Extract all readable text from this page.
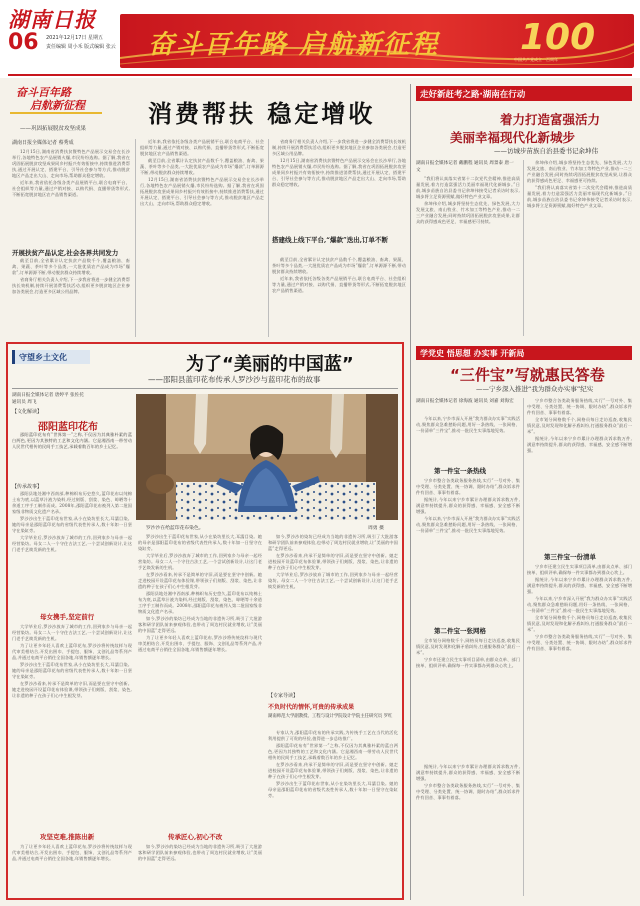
湖南日报
06 2021年12月17日 星期五
责任编辑 周小禾 版式编辑 张云 奋斗百年路 启航新征程 100
中国共产党成立一百周年
奋斗百年路
启航新征程
——巩固拓展脱贫攻坚成果
消费帮扶 稳定增收
湖南日报全媒体记者 蔡秀成

12月15日,湖南省消费扶贫暨特色产品展示交易会在长沙举行,各地特色农产品展销火爆,市民纷纷选购。据了解,我省在巩固拓展脱贫攻坚成果同乡村振兴有效衔接中,持续推进消费帮扶,通过开展认定、搭建平台、引导社会参与等方式,推动脱贫地区产品走出大山、走向市场,帮助群众稳定增收。

近年来,我省依托各级各类产品展销平台,联合电商平台、社会组织等力量,通过产销对接、以购代捐、直播带货等形式,不断拓宽脱贫地区农产品销售渠道。

开展扶贫产品认定,社会各界共同发力

截至目前,全省累计认定扶贫产品数千个,覆盖粮油、畜禽、果蔬、茶叶等多个品类,一大批优质农产品成为市场“爆款”,订单源源不断,带动脱贫群众持续增收。

省商务厅相关负责人介绍,下一步我省将进一步健全消费帮扶长效机制,持续开展消费帮扶活动,组织更多脱贫地区企业参加各类展会,打造更多区域公用品牌。

近年来,我省依托各级各类产品展销平台,联合电商平台、社会组织等力量,通过产销对接、以购代捐、直播带货等形式,不断拓宽脱贫地区农产品销售渠道。

截至目前,全省累计认定扶贫产品数千个,覆盖粮油、畜禽、果蔬、茶叶等多个品类,一大批优质农产品成为市场“爆款”,订单源源不断,带动脱贫群众持续增收。

12月15日,湖南省消费扶贫暨特色产品展示交易会在长沙举行,各地特色农产品展销火爆,市民纷纷选购。据了解,我省在巩固拓展脱贫攻坚成果同乡村振兴有效衔接中,持续推进消费帮扶,通过开展认定、搭建平台、引导社会参与等方式,推动脱贫地区产品走出大山、走向市场,帮助群众稳定增收。

省商务厅相关负责人介绍,下一步我省将进一步健全消费帮扶长效机制,持续开展消费帮扶活动,组织更多脱贫地区企业参加各类展会,打造更多区域公用品牌。

12月15日,湖南省消费扶贫暨特色产品展示交易会在长沙举行,各地特色农产品展销火爆,市民纷纷选购。据了解,我省在巩固拓展脱贫攻坚成果同乡村振兴有效衔接中,持续推进消费帮扶,通过开展认定、搭建平台、引导社会参与等方式,推动脱贫地区产品走出大山、走向市场,帮助群众稳定增收。

搭建线上线下平台,“爆款”迭出,订单不断

截至目前,全省累计认定扶贫产品数千个,覆盖粮油、畜禽、果蔬、茶叶等多个品类,一大批优质农产品成为市场“爆款”,订单源源不断,带动脱贫群众持续增收。

近年来,我省依托各级各类产品展销平台,联合电商平台、社会组织等力量,通过产销对接、以购代捐、直播带货等形式,不断拓宽脱贫地区农产品销售渠道。

走好新赶考之路·湖南在行动
着力打造富强活力
美丽幸福现代化新城步
——访城步苗族自治县委书记余坤伟
湖南日报全媒体记者 戴鹏程 通讯员 周景泰 唐一文

“我们将认真落实省第十二次党代会精神,推进高质量发展,着力打造富强活力美丽幸福现代化新城步。”日前,城步苗族自治县委书记余坤伟接受记者采访时表示,城步将立足资源禀赋,做好特色产业文章。

余坤伟介绍,城步将坚持生态优先、绿色发展,大力发展文旅、南山牧业、竹木加工等特色产业,推动一二三产业融合发展;同时持续巩固拓展脱贫攻坚成果,让群众的获得感成色更足、幸福感更可持续。

余坤伟介绍,城步将坚持生态优先、绿色发展,大力发展文旅、南山牧业、竹木加工等特色产业,推动一二三产业融合发展;同时持续巩固拓展脱贫攻坚成果,让群众的获得感成色更足、幸福感更可持续。

“我们将认真落实省第十二次党代会精神,推进高质量发展,着力打造富强活力美丽幸福现代化新城步。”日前,城步苗族自治县委书记余坤伟接受记者采访时表示,城步将立足资源禀赋,做好特色产业文章。

守望乡土文化	为了“美丽的中国蓝”
——邵阳县蓝印花布传承人罗沙沙与蓝印花布的故事
湖南日报全媒体记者 唐婷平 张佐托
通讯员 周飞
【文化解读】
邵阳蓝印花布

邵阳蓝印花布有“世界第一”之称,不仅因为其典雅朴素的蓝白两色,更因为其独特的工艺和文化内涵。它是湘西南一带劳动人民世代相传的民间手工技艺,承载着数百年的乡土记忆。

【传承故事】

邵阳县地处湘中西南部,种棉织布历史悠久,蓝印花布以纯棉土布为底,以蓝草汁液为染料,经过刻版、刮浆、染色、晾晒等十余道工序手工制作而成。2008年,邵阳蓝印花布被列入第二批国家级非物质文化遗产名录。

罗沙沙出生于蓝印花布世家,从小在染坊里长大,耳濡目染。她的母亲是邵阳蓝印花布的省级代表性传承人,数十年如一日坚守在染缸旁。

大学毕业后,罗沙沙放弃了城市的工作,回到家乡与母亲一起经营染坊。母女二人一个守住古法工艺,一个尝试创新设计,让这门老手艺焕发新的生机。

母女携手,坚定前行

大学毕业后,罗沙沙放弃了城市的工作,回到家乡与母亲一起经营染坊。母女二人一个守住古法工艺,一个尝试创新设计,让这门老手艺焕发新的生机。

为了让更多年轻人喜欢上蓝印花布,罗沙沙将传统纹样与现代审美相结合,开发出围巾、手提包、服饰、文创礼品等系列产品,并通过电商平台销往全国各地,年销售额逐年增长。

罗沙沙出生于蓝印花布世家,从小在染坊里长大,耳濡目染。她的母亲是邵阳蓝印花布的省级代表性传承人,数十年如一日坚守在染缸旁。

在罗沙沙看来,传承不是简单的守旧,而是要在坚守中创新。她走进校园开设蓝印花布体验课,带领孩子们刻版、刮浆、染色,让非遗的种子在孩子们心中生根发芽。

攻坚克难,推陈出新

为了让更多年轻人喜欢上蓝印花布,罗沙沙将传统纹样与现代审美相结合,开发出围巾、手提包、服饰、文创礼品等系列产品,并通过电商平台销往全国各地,年销售额逐年增长。

罗沙沙在给蓝印花布染色。	周勇 摄

罗沙沙出生于蓝印花布世家,从小在染坊里长大,耳濡目染。她的母亲是邵阳蓝印花布的省级代表性传承人,数十年如一日坚守在染缸旁。

大学毕业后,罗沙沙放弃了城市的工作,回到家乡与母亲一起经营染坊。母女二人一个守住古法工艺,一个尝试创新设计,让这门老手艺焕发新的生机。

在罗沙沙看来,传承不是简单的守旧,而是要在坚守中创新。她走进校园开设蓝印花布体验课,带领孩子们刻版、刮浆、染色,让非遗的种子在孩子们心中生根发芽。

邵阳县地处湘中西南部,种棉织布历史悠久,蓝印花布以纯棉土布为底,以蓝草汁液为染料,经过刻版、刮浆、染色、晾晒等十余道工序手工制作而成。2008年,邵阳蓝印花布被列入第二批国家级非物质文化遗产名录。

如今,罗沙沙的染坊已经成为当地的非遗传习所,吸引了大批游客和研学团队前来参观体验,也带动了周边村民就业增收,让“美丽的中国蓝”走得更远。

为了让更多年轻人喜欢上蓝印花布,罗沙沙将传统纹样与现代审美相结合,开发出围巾、手提包、服饰、文创礼品等系列产品,并通过电商平台销往全国各地,年销售额逐年增长。

传承匠心,初心不改

如今,罗沙沙的染坊已经成为当地的非遗传习所,吸引了大批游客和研学团队前来参观体验,也带动了周边村民就业增收,让“美丽的中国蓝”走得更远。

如今,罗沙沙的染坊已经成为当地的非遗传习所,吸引了大批游客和研学团队前来参观体验,也带动了周边村民就业增收,让“美丽的中国蓝”走得更远。

在罗沙沙看来,传承不是简单的守旧,而是要在坚守中创新。她走进校园开设蓝印花布体验课,带领孩子们刻版、刮浆、染色,让非遗的种子在孩子们心中生根发芽。

大学毕业后,罗沙沙放弃了城市的工作,回到家乡与母亲一起经营染坊。母女二人一个守住古法工艺,一个尝试创新设计,让这门老手艺焕发新的生机。

【专家导读】
不负时代的情怀,可贵的传承成果
湖南师范大学副教授、工程与设计学院设计学院主任研究员 罗红

专家认为,邵阳蓝印花布的传承实践,为传统手工艺在当代的活化利用提供了可贵的经验,值得进一步总结推广。

邵阳蓝印花布有“世界第一”之称,不仅因为其典雅朴素的蓝白两色,更因为其独特的工艺和文化内涵。它是湘西南一带劳动人民世代相传的民间手工技艺,承载着数百年的乡土记忆。

在罗沙沙看来,传承不是简单的守旧,而是要在坚守中创新。她走进校园开设蓝印花布体验课,带领孩子们刻版、刮浆、染色,让非遗的种子在孩子们心中生根发芽。

罗沙沙出生于蓝印花布世家,从小在染坊里长大,耳濡目染。她的母亲是邵阳蓝印花布的省级代表性传承人,数十年如一日坚守在染缸旁。

学党史 悟思想 办实事 开新局
“三件宝”写就惠民答卷
——宁乡深入推进“我为群众办实事”纪实
湖南日报全媒体记者 徐海波 通讯员 刘嘉 刘海宏

今年以来,宁乡市深入开展“我为群众办实事”实践活动,聚焦群众急难愁盼问题,用好一条热线、一张网格、一份清单“三件宝”,推动一批民生实事落地见效。

第一件宝一条热线

宁乡市整合各类政务服务热线,实行“一号对外、集中受理、分类处置、统一协调、限时办结”,群众诉求件件有回音、事事有着落。

据统计,今年以来宁乡市累计办理群众诉求数万件,满意率持续提升,群众的获得感、幸福感、安全感不断增强。

今年以来,宁乡市深入开展“我为群众办实事”实践活动,聚焦群众急难愁盼问题,用好一条热线、一张网格、一份清单“三件宝”,推动一批民生实事落地见效。

第二件宝一张网格

全市划分网格数千个,网格员每日走访巡查,收集民情民意,及时发现和化解矛盾纠纷,打通服务群众“最后一米”。

宁乡市还建立民生实事项目清单,由群众点单、部门接单、组织评单,确保每一件实事都办到群众心坎上。

据统计,今年以来宁乡市累计办理群众诉求数万件,满意率持续提升,群众的获得感、幸福感、安全感不断增强。

宁乡市整合各类政务服务热线,实行“一号对外、集中受理、分类处置、统一协调、限时办结”,群众诉求件件有回音、事事有着落。

宁乡市整合各类政务服务热线,实行“一号对外、集中受理、分类处置、统一协调、限时办结”,群众诉求件件有回音、事事有着落。

全市划分网格数千个,网格员每日走访巡查,收集民情民意,及时发现和化解矛盾纠纷,打通服务群众“最后一米”。

据统计,今年以来宁乡市累计办理群众诉求数万件,满意率持续提升,群众的获得感、幸福感、安全感不断增强。

第三件宝一份清单

宁乡市还建立民生实事项目清单,由群众点单、部门接单、组织评单,确保每一件实事都办到群众心坎上。

据统计,今年以来宁乡市累计办理群众诉求数万件,满意率持续提升,群众的获得感、幸福感、安全感不断增强。

今年以来,宁乡市深入开展“我为群众办实事”实践活动,聚焦群众急难愁盼问题,用好一条热线、一张网格、一份清单“三件宝”,推动一批民生实事落地见效。

全市划分网格数千个,网格员每日走访巡查,收集民情民意,及时发现和化解矛盾纠纷,打通服务群众“最后一米”。

宁乡市整合各类政务服务热线,实行“一号对外、集中受理、分类处置、统一协调、限时办结”,群众诉求件件有回音、事事有着落。
